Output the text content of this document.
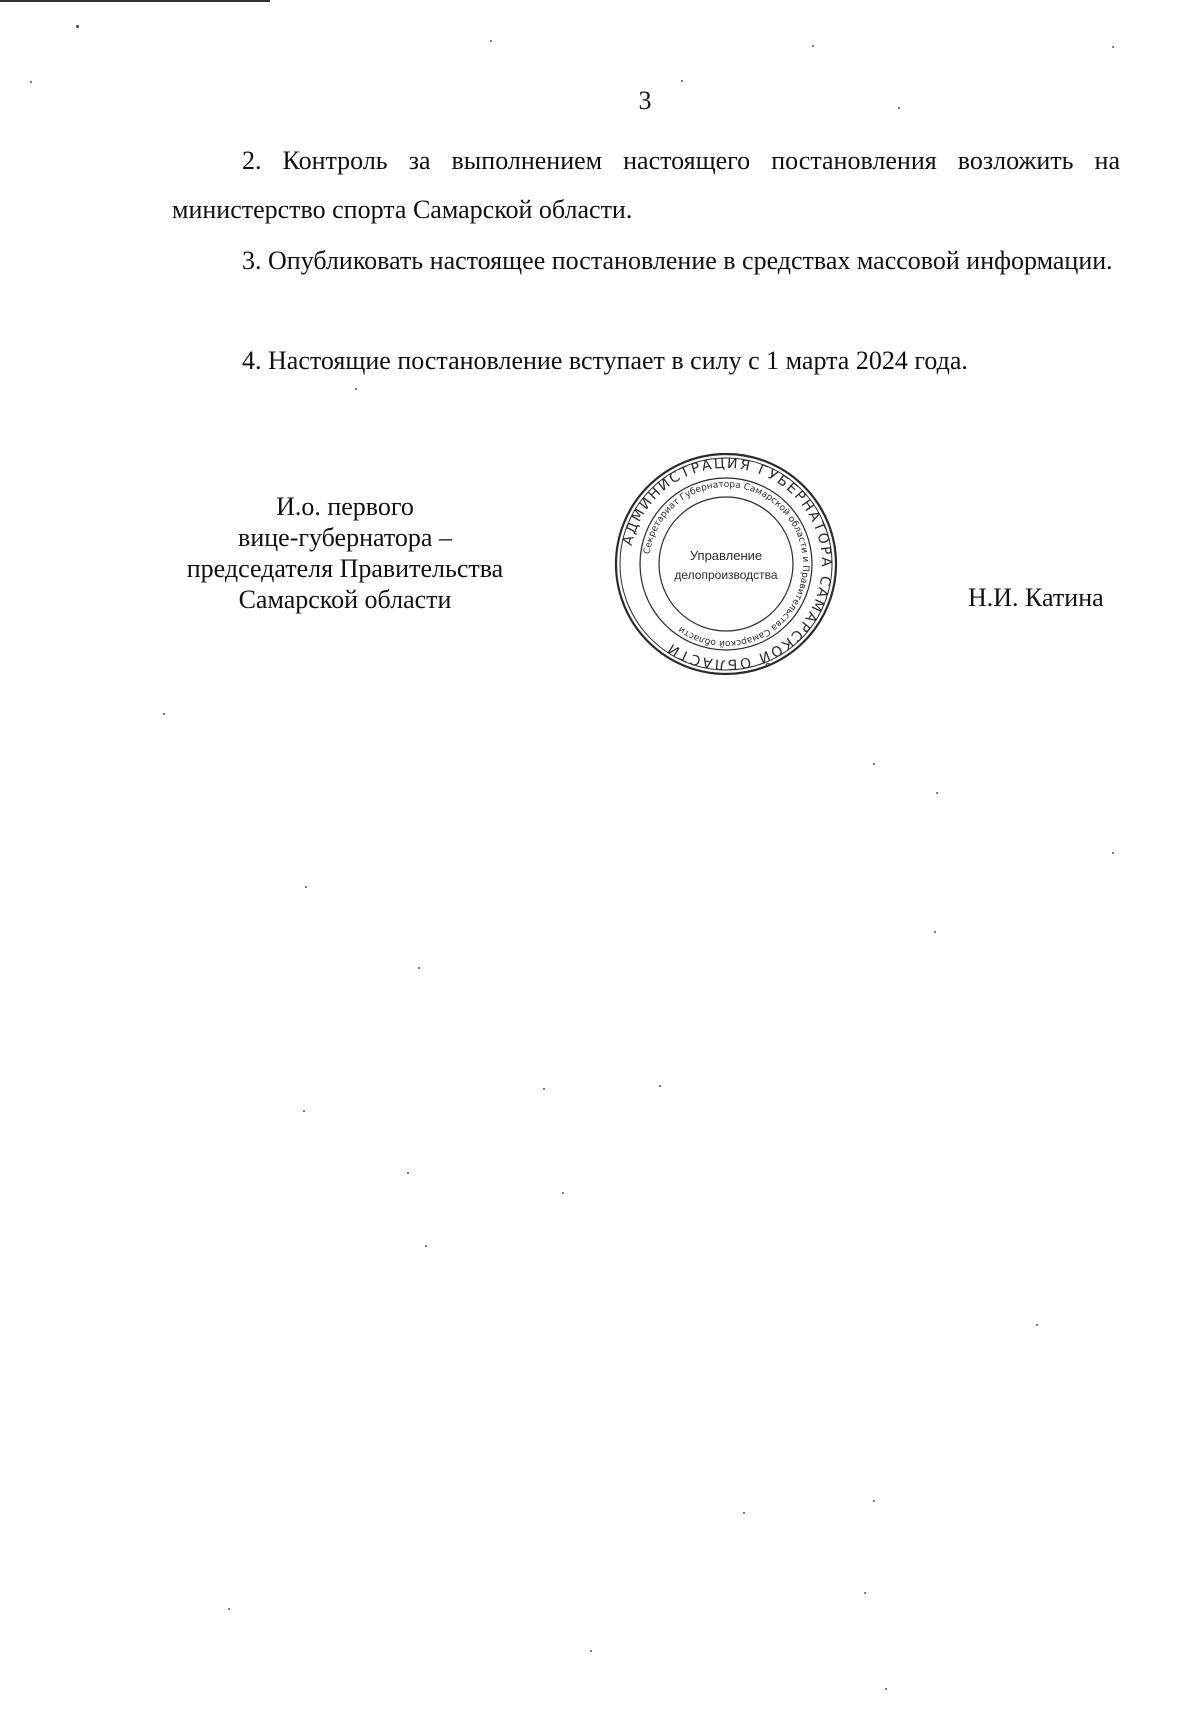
3

2. Контроль за выполнением настоящего постановления возложить на министерство спорта Самарской области.

3. Опубликовать настоящее постановление в средствах массовой информации.

4. Настоящие постановление вступает в силу с 1 марта 2024 года.

И.о. первого
вице-губернатора –
председателя Правительства
Самарской области
АДМИНИСТРАЦИЯ ГУБЕРНАТОРА САМАРСКОЙ ОБЛАСТИ
Секретариат Губернатора Самарской области и Правительства Самарской области
Управление
делопроизводства
Н.И. Катина
